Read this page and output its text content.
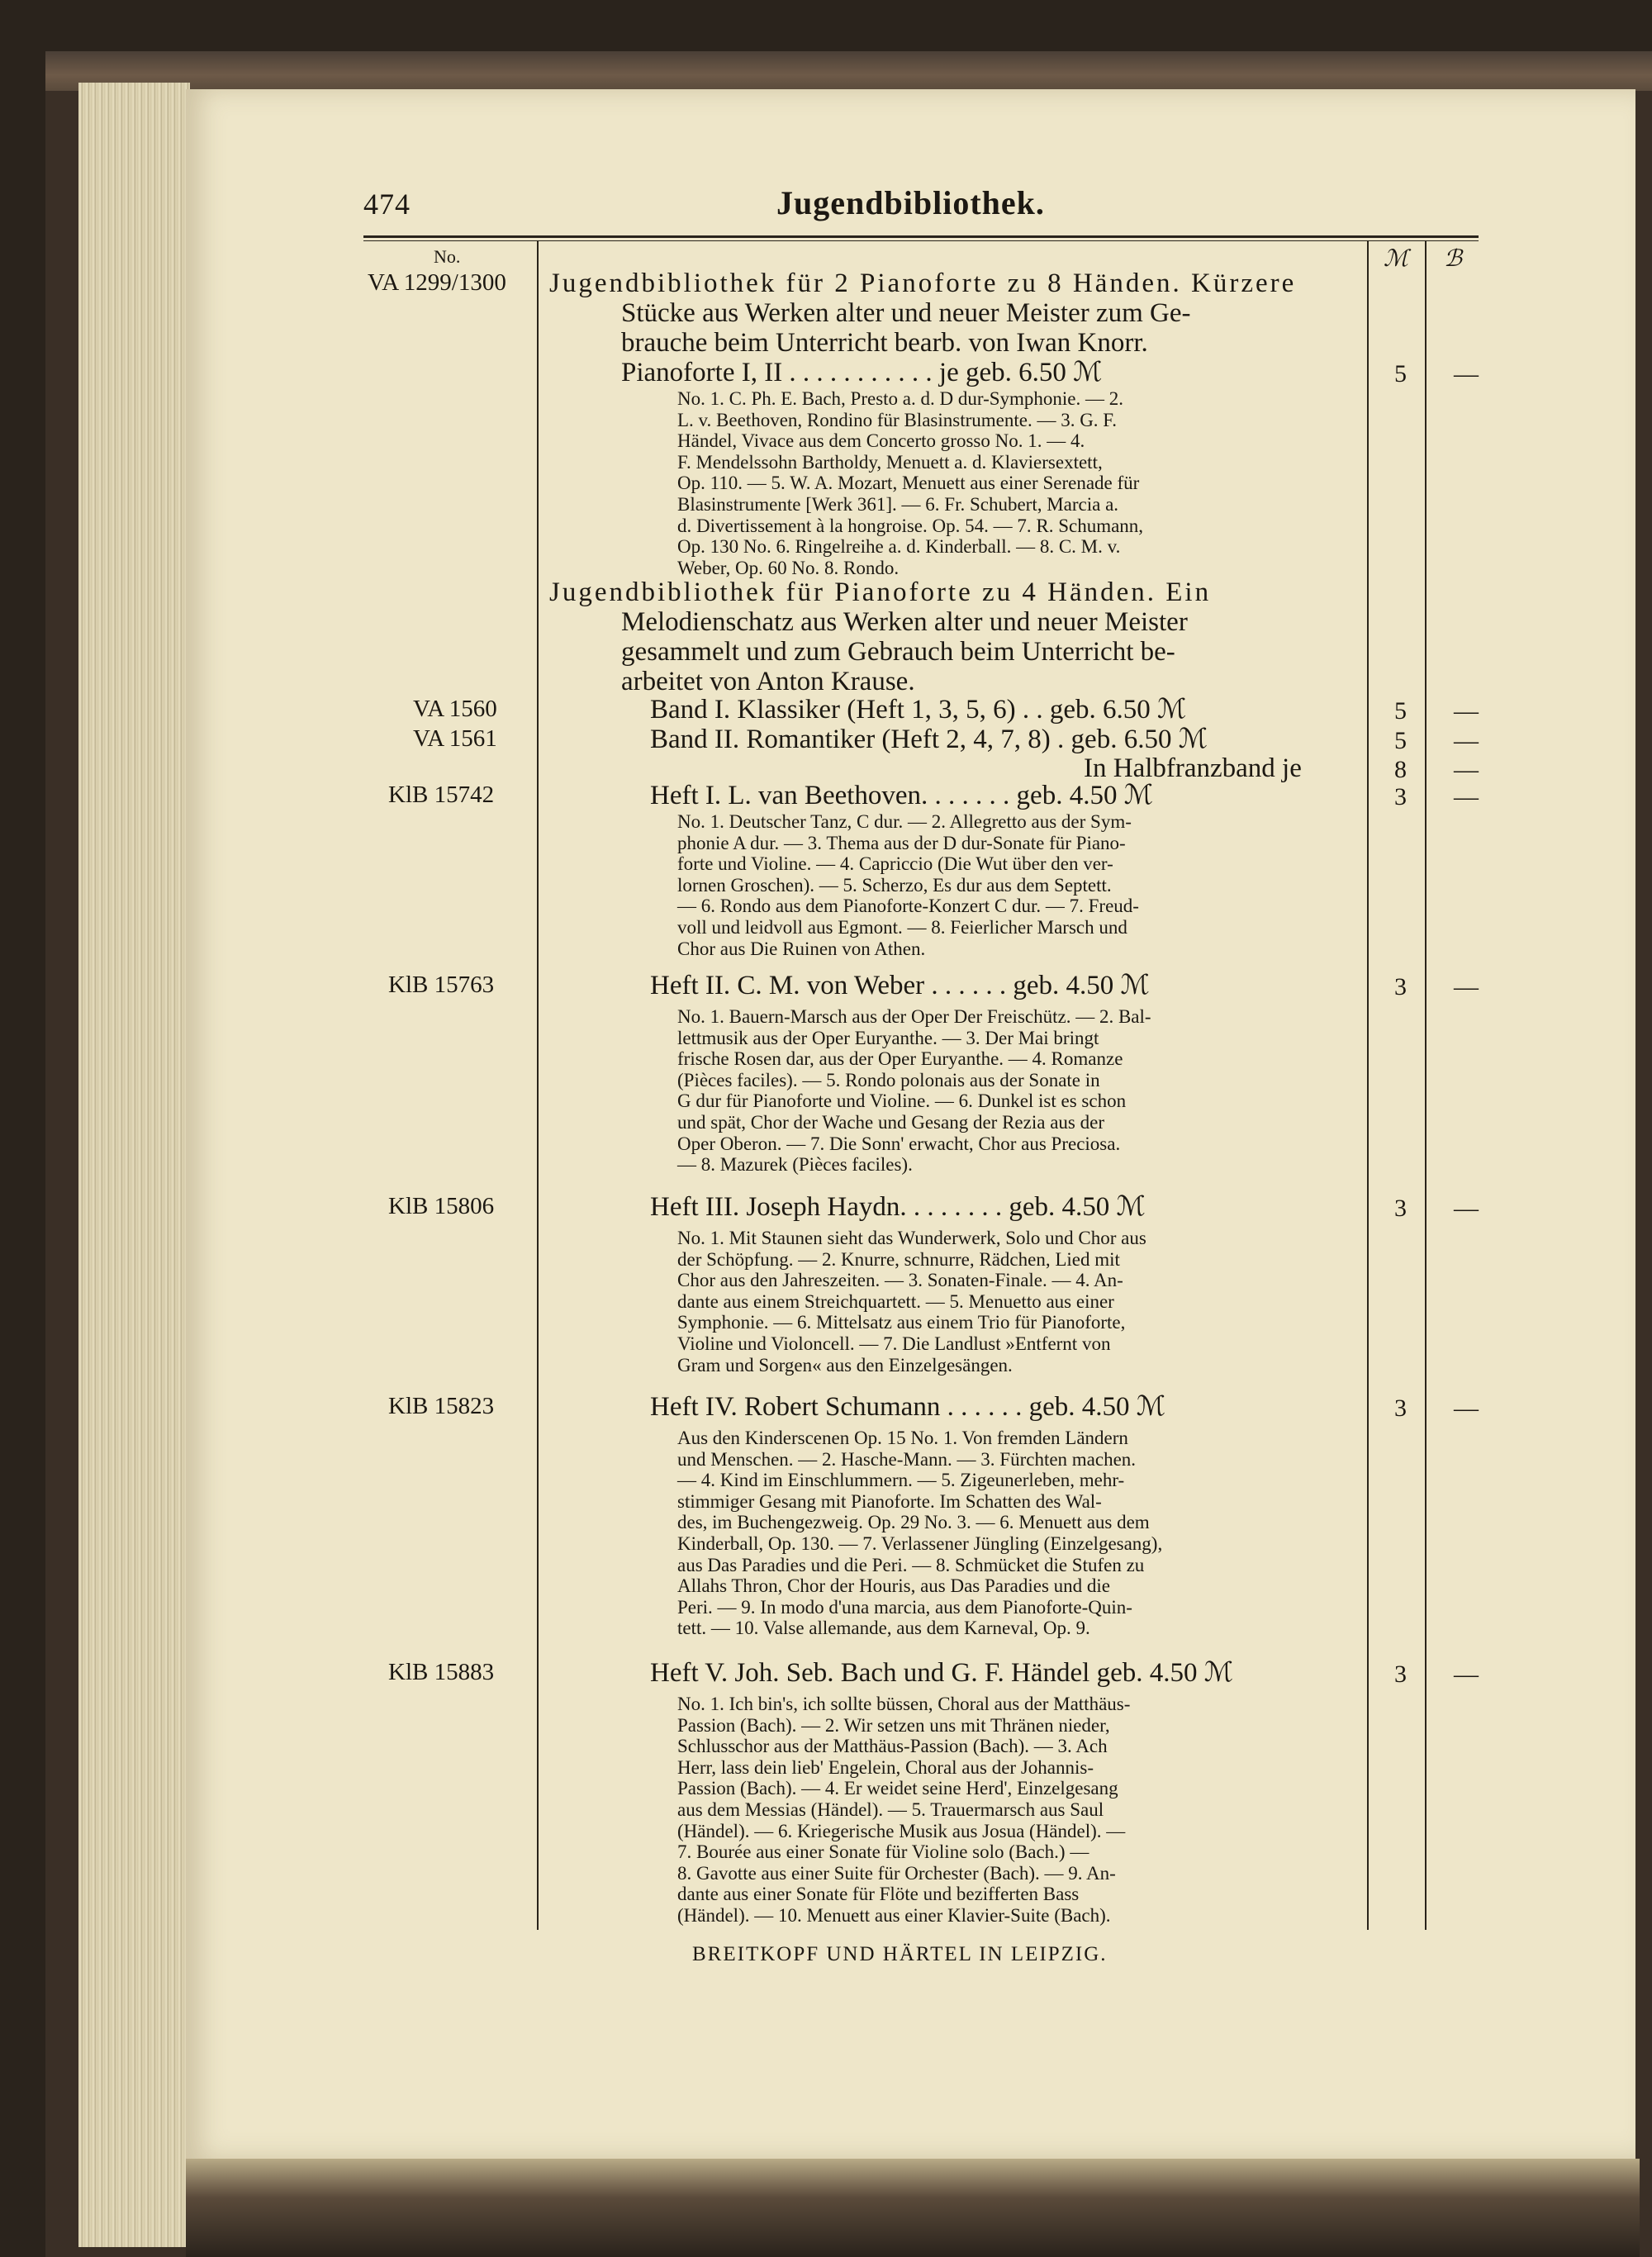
474	Jugendbibliothek.
No.	ℳ ℬ
VA 1299/1300 Jugendbibliothek für 2 Pianoforte zu 8 Händen. Kürzere
Stücke aus Werken alter und neuer Meister zum Ge-
brauche beim Unterricht bearb. von Iwan Knorr.
Pianoforte I, II . . . . . . . . . . . je geb. 6.50 ℳ	5 —
No. 1. C. Ph. E. Bach, Presto a. d. D dur-Symphonie. — 2.
L. v. Beethoven, Rondino für Blasinstrumente. — 3. G. F.
Händel, Vivace aus dem Concerto grosso No. 1. — 4.
F. Mendelssohn Bartholdy, Menuett a. d. Klaviersextett,
Op. 110. — 5. W. A. Mozart, Menuett aus einer Serenade für
Blasinstrumente [Werk 361]. — 6. Fr. Schubert, Marcia a.
d. Divertissement à la hongroise. Op. 54. — 7. R. Schumann,
Op. 130 No. 6. Ringelreihe a. d. Kinderball. — 8. C. M. v.
Weber, Op. 60 No. 8. Rondo.
Jugendbibliothek für Pianoforte zu 4 Händen. Ein
Melodienschatz aus Werken alter und neuer Meister
gesammelt und zum Gebrauch beim Unterricht be-
arbeitet von Anton Krause.
VA 1560	Band I. Klassiker (Heft 1, 3, 5, 6) . . geb. 6.50 ℳ	5 —
VA 1561	Band II. Romantiker (Heft 2, 4, 7, 8) . geb. 6.50 ℳ	5 —
In Halbfranzband je	8 —
KlB 15742	Heft I. L. van Beethoven. . . . . . . geb. 4.50 ℳ	3 —
No. 1. Deutscher Tanz, C dur. — 2. Allegretto aus der Sym-
phonie A dur. — 3. Thema aus der D dur-Sonate für Piano-
forte und Violine. — 4. Capriccio (Die Wut über den ver-
lornen Groschen). — 5. Scherzo, Es dur aus dem Septett.
— 6. Rondo aus dem Pianoforte-Konzert C dur. — 7. Freud-
voll und leidvoll aus Egmont. — 8. Feierlicher Marsch und
Chor aus Die Ruinen von Athen.
KlB 15763	Heft II. C. M. von Weber . . . . . . geb. 4.50 ℳ	3 —
No. 1. Bauern-Marsch aus der Oper Der Freischütz. — 2. Bal-
lettmusik aus der Oper Euryanthe. — 3. Der Mai bringt
frische Rosen dar, aus der Oper Euryanthe. — 4. Romanze
(Pièces faciles). — 5. Rondo polonais aus der Sonate in
G dur für Pianoforte und Violine. — 6. Dunkel ist es schon
und spät, Chor der Wache und Gesang der Rezia aus der
Oper Oberon. — 7. Die Sonn' erwacht, Chor aus Preciosa.
— 8. Mazurek (Pièces faciles).
KlB 15806	Heft III. Joseph Haydn. . . . . . . . geb. 4.50 ℳ	3 —
No. 1. Mit Staunen sieht das Wunderwerk, Solo und Chor aus
der Schöpfung. — 2. Knurre, schnurre, Rädchen, Lied mit
Chor aus den Jahreszeiten. — 3. Sonaten-Finale. — 4. An-
dante aus einem Streichquartett. — 5. Menuetto aus einer
Symphonie. — 6. Mittelsatz aus einem Trio für Pianoforte,
Violine und Violoncell. — 7. Die Landlust »Entfernt von
Gram und Sorgen« aus den Einzelgesängen.
KlB 15823	Heft IV. Robert Schumann . . . . . . geb. 4.50 ℳ	3 —
Aus den Kinderscenen Op. 15 No. 1. Von fremden Ländern
und Menschen. — 2. Hasche-Mann. — 3. Fürchten machen.
— 4. Kind im Einschlummern. — 5. Zigeunerleben, mehr-
stimmiger Gesang mit Pianoforte. Im Schatten des Wal-
des, im Buchengezweig. Op. 29 No. 3. — 6. Menuett aus dem
Kinderball, Op. 130. — 7. Verlassener Jüngling (Einzelgesang),
aus Das Paradies und die Peri. — 8. Schmücket die Stufen zu
Allahs Thron, Chor der Houris, aus Das Paradies und die
Peri. — 9. In modo d'una marcia, aus dem Pianoforte-Quin-
tett. — 10. Valse allemande, aus dem Karneval, Op. 9.
KlB 15883	Heft V. Joh. Seb. Bach und G. F. Händel geb. 4.50 ℳ	3 —
No. 1. Ich bin's, ich sollte büssen, Choral aus der Matthäus-
Passion (Bach). — 2. Wir setzen uns mit Thränen nieder,
Schlusschor aus der Matthäus-Passion (Bach). — 3. Ach
Herr, lass dein lieb' Engelein, Choral aus der Johannis-
Passion (Bach). — 4. Er weidet seine Herd', Einzelgesang
aus dem Messias (Händel). — 5. Trauermarsch aus Saul
(Händel). — 6. Kriegerische Musik aus Josua (Händel). —
7. Bourée aus einer Sonate für Violine solo (Bach.) —
8. Gavotte aus einer Suite für Orchester (Bach). — 9. An-
dante aus einer Sonate für Flöte und bezifferten Bass
(Händel). — 10. Menuett aus einer Klavier-Suite (Bach).
BREITKOPF UND HÄRTEL IN LEIPZIG.
